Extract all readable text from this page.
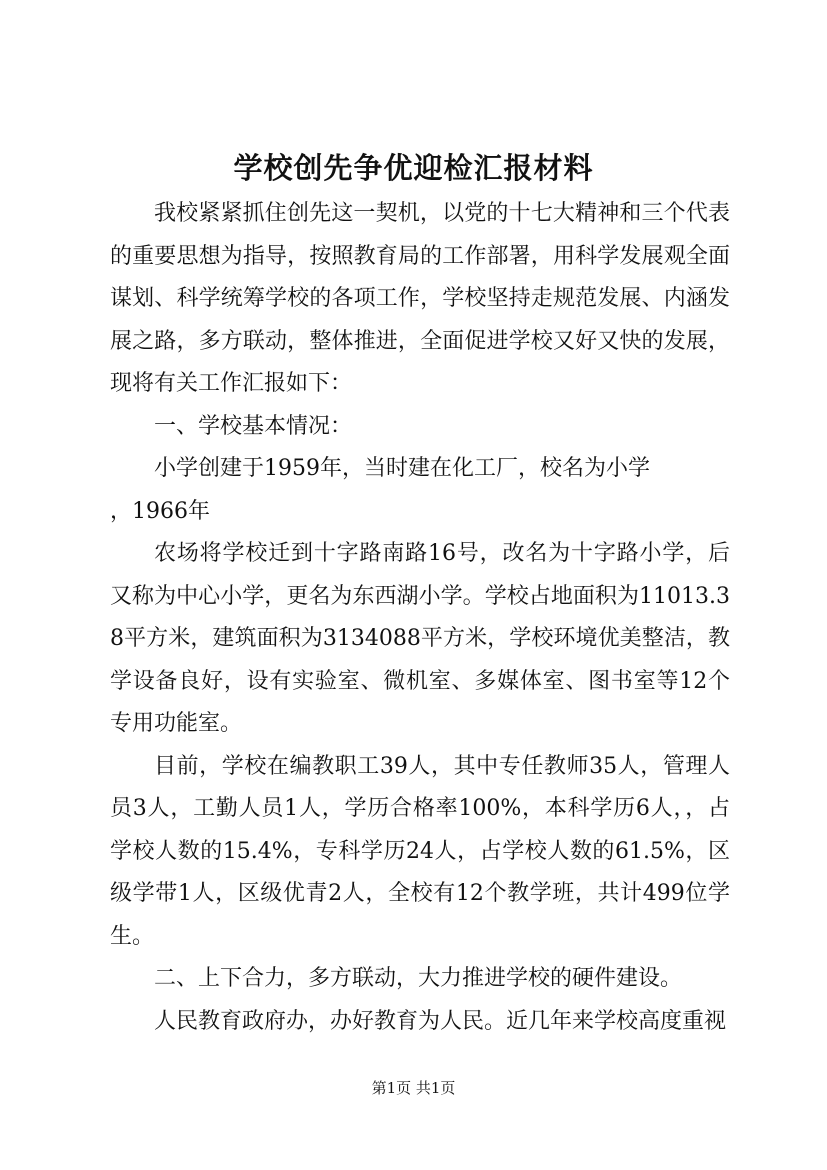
学校创先争优迎检汇报材料

我校紧紧抓住创先这一契机，以党的十七大精神和三个代表的重要思想为指导，按照教育局的工作部署，用科学发展观全面谋划、科学统筹学校的各项工作，学校坚持走规范发展、内涵发展之路，多方联动，整体推进，全面促进学校又好又快的发展，现将有关工作汇报如下：

一、学校基本情况：

小学创建于1959年，当时建在化工厂，校名为小学

，1966年

农场将学校迁到十字路南路16号，改名为十字路小学，后又称为中心小学，更名为东西湖小学。学校占地面积为11013.38平方米，建筑面积为3134088平方米，学校环境优美整洁，教学设备良好，设有实验室、微机室、多媒体室、图书室等12个专用功能室。

目前，学校在编教职工39人，其中专任教师35人，管理人员3人，工勤人员1人，学历合格率100%，本科学历6人，，占学校人数的15.4%，专科学历24人，占学校人数的61.5%，区级学带1人，区级优青2人，全校有12个教学班，共计499位学生。

二、上下合力，多方联动，大力推进学校的硬件建设。

人民教育政府办，办好教育为人民。近几年来学校高度重视

第1页 共1页
